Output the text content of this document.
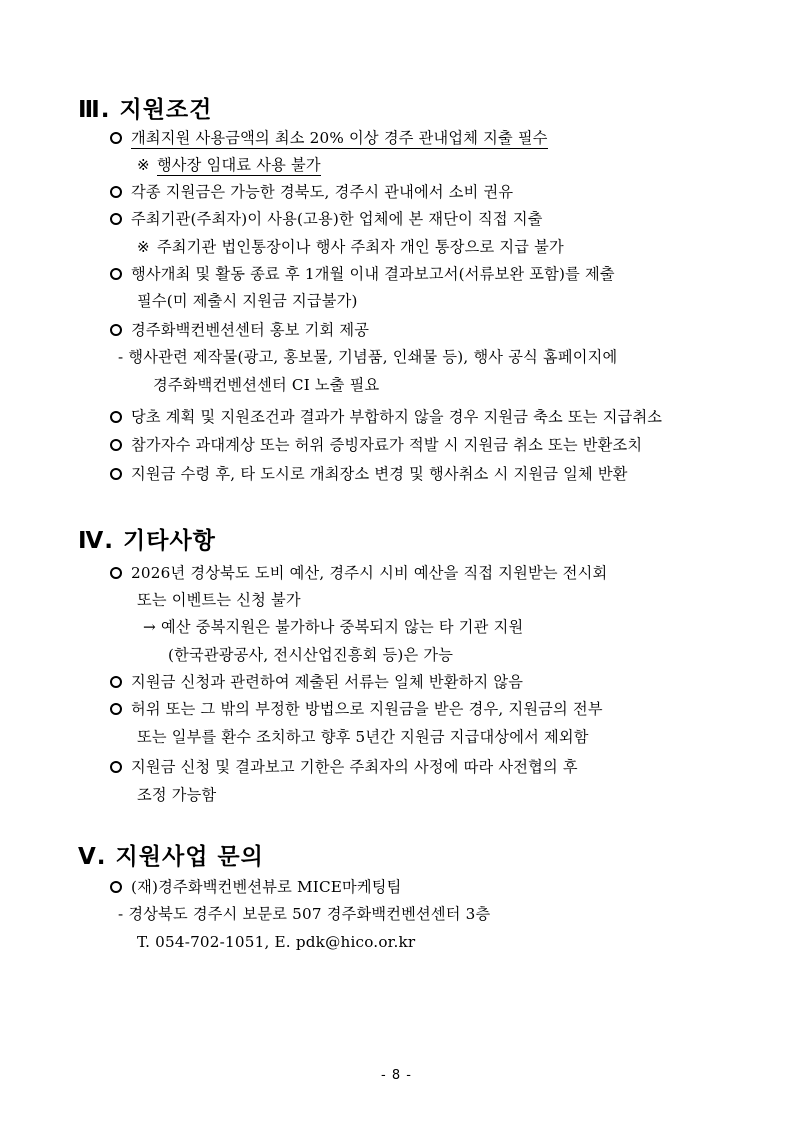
Ⅲ. 지원조건
개최지원 사용금액의 최소 20% 이상 경주 관내업체 지출 필수
※ 행사장 임대료 사용 불가
각종 지원금은 가능한 경북도, 경주시 관내에서 소비 권유
주최기관(주최자)이 사용(고용)한 업체에 본 재단이 직접 지출
※ 주최기관 법인통장이나 행사 주최자 개인 통장으로 지급 불가
행사개최 및 활동 종료 후 1개월 이내 결과보고서(서류보완 포함)를 제출
필수(미 제출시 지원금 지급불가)
경주화백컨벤션센터 홍보 기회 제공
- 행사관련 제작물(광고, 홍보물, 기념품, 인쇄물 등), 행사 공식 홈페이지에
경주화백컨벤션센터 CI 노출 필요
당초 계획 및 지원조건과 결과가 부합하지 않을 경우 지원금 축소 또는 지급취소
참가자수 과대계상 또는 허위 증빙자료가 적발 시 지원금 취소 또는 반환조치
지원금 수령 후, 타 도시로 개최장소 변경 및 행사취소 시 지원금 일체 반환
Ⅳ. 기타사항
2026년 경상북도 도비 예산, 경주시 시비 예산을 직접 지원받는 전시회
또는 이벤트는 신청 불가
→ 예산 중복지원은 불가하나 중복되지 않는 타 기관 지원
(한국관광공사, 전시산업진흥회 등)은 가능
지원금 신청과 관련하여 제출된 서류는 일체 반환하지 않음
허위 또는 그 밖의 부정한 방법으로 지원금을 받은 경우, 지원금의 전부
또는 일부를 환수 조치하고 향후 5년간 지원금 지급대상에서 제외함
지원금 신청 및 결과보고 기한은 주최자의 사정에 따라 사전협의 후
조정 가능함
Ⅴ. 지원사업 문의
(재)경주화백컨벤션뷰로 MICE마케팅팀
- 경상북도 경주시 보문로 507 경주화백컨벤션센터 3층
T. 054-702-1051, E. pdk@hico.or.kr
- 8 -
